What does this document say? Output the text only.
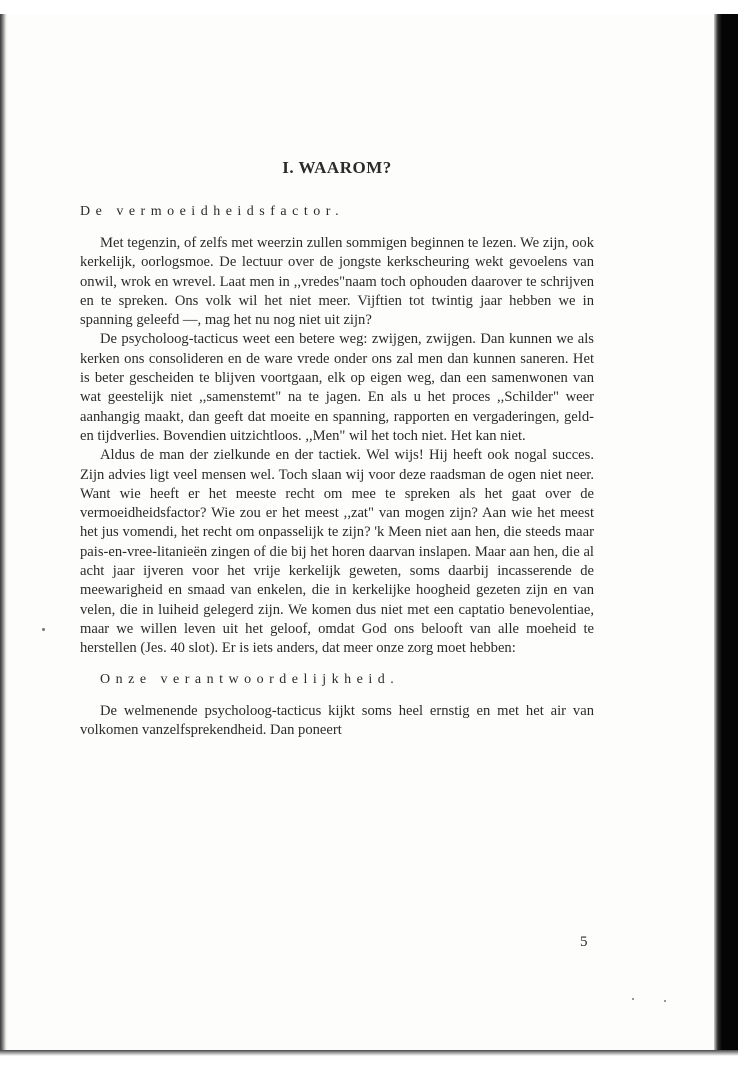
I. WAAROM?
De vermoeidheidsfactor.

Met tegenzin, of zelfs met weerzin zullen sommigen beginnen te lezen. We zijn, ook kerkelijk, oorlogsmoe. De lectuur over de jongste kerkscheuring wekt gevoelens van onwil, wrok en wrevel. Laat men in ,,vredes"naam toch ophouden daarover te schrijven en te spreken. Ons volk wil het niet meer. Vijftien tot twintig jaar hebben we in spanning geleefd —, mag het nu nog niet uit zijn?

De psycholoog-tacticus weet een betere weg: zwijgen, zwijgen. Dan kunnen we als kerken ons consolideren en de ware vrede onder ons zal men dan kunnen saneren. Het is beter gescheiden te blijven voortgaan, elk op eigen weg, dan een samenwonen van wat geestelijk niet ,,samenstemt" na te jagen. En als u het proces ,,Schilder" weer aanhangig maakt, dan geeft dat moeite en spanning, rapporten en vergaderingen, geld- en tijdverlies. Bovendien uitzichtloos. ,,Men" wil het toch niet. Het kan niet.

Aldus de man der zielkunde en der tactiek. Wel wijs! Hij heeft ook nogal succes. Zijn advies ligt veel mensen wel. Toch slaan wij voor deze raadsman de ogen niet neer. Want wie heeft er het meeste recht om mee te spreken als het gaat over de vermoeidheidsfactor? Wie zou er het meest ,,zat" van mogen zijn? Aan wie het meest het jus vomendi, het recht om onpasselijk te zijn? 'k Meen niet aan hen, die steeds maar pais-en-vree-litanieën zingen of die bij het horen daarvan inslapen. Maar aan hen, die al acht jaar ijveren voor het vrije kerkelijk geweten, soms daarbij incasserende de meewarigheid en smaad van enkelen, die in kerkelijke hoogheid gezeten zijn en van velen, die in luiheid gelegerd zijn. We komen dus niet met een captatio benevolentiae, maar we willen leven uit het geloof, omdat God ons belooft van alle moeheid te herstellen (Jes. 40 slot). Er is iets anders, dat meer onze zorg moet hebben:

Onze verantwoordelijkheid.

De welmenende psycholoog-tacticus kijkt soms heel ernstig en met het air van volkomen vanzelfsprekendheid. Dan poneert

5
